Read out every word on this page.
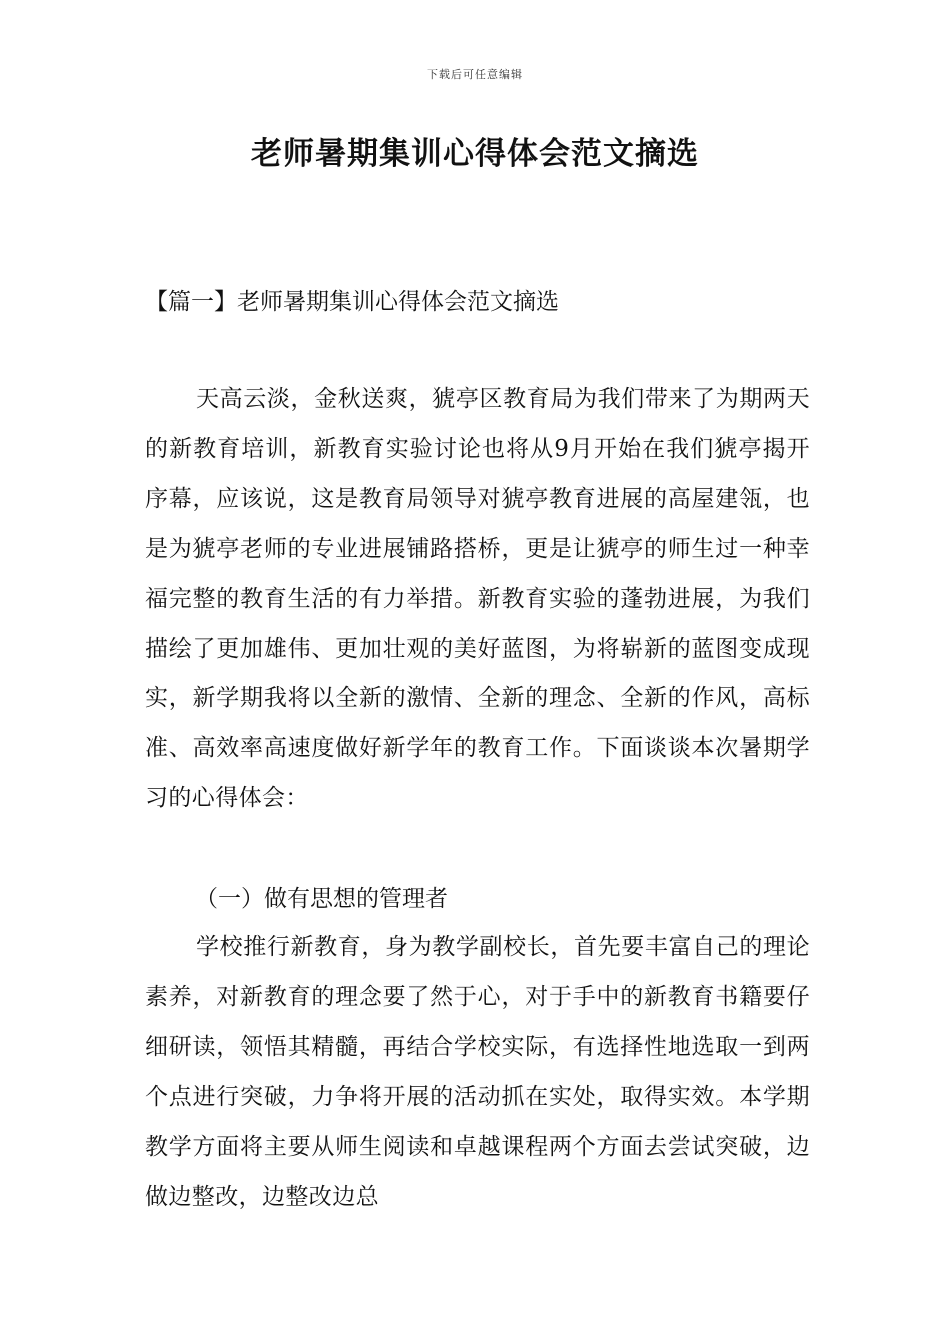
下载后可任意编辑
老师暑期集训心得体会范文摘选
【篇一】老师暑期集训心得体会范文摘选

天高云淡，金秋送爽，猇亭区教育局为我们带来了为期两天的新教育培训，新教育实验讨论也将从9月开始在我们猇亭揭开序幕，应该说，这是教育局领导对猇亭教育进展的高屋建瓴，也是为猇亭老师的专业进展铺路搭桥，更是让猇亭的师生过一种幸福完整的教育生活的有力举措。新教育实验的蓬勃进展，为我们描绘了更加雄伟、更加壮观的美好蓝图，为将崭新的蓝图变成现实，新学期我将以全新的激情、全新的理念、全新的作风，高标准、高效率高速度做好新学年的教育工作。下面谈谈本次暑期学习的心得体会：

（一）做有思想的管理者

学校推行新教育，身为教学副校长，首先要丰富自己的理论素养，对新教育的理念要了然于心，对于手中的新教育书籍要仔细研读，领悟其精髓，再结合学校实际，有选择性地选取一到两个点进行突破，力争将开展的活动抓在实处，取得实效。本学期教学方面将主要从师生阅读和卓越课程两个方面去尝试突破，边做边整改，边整改边总
